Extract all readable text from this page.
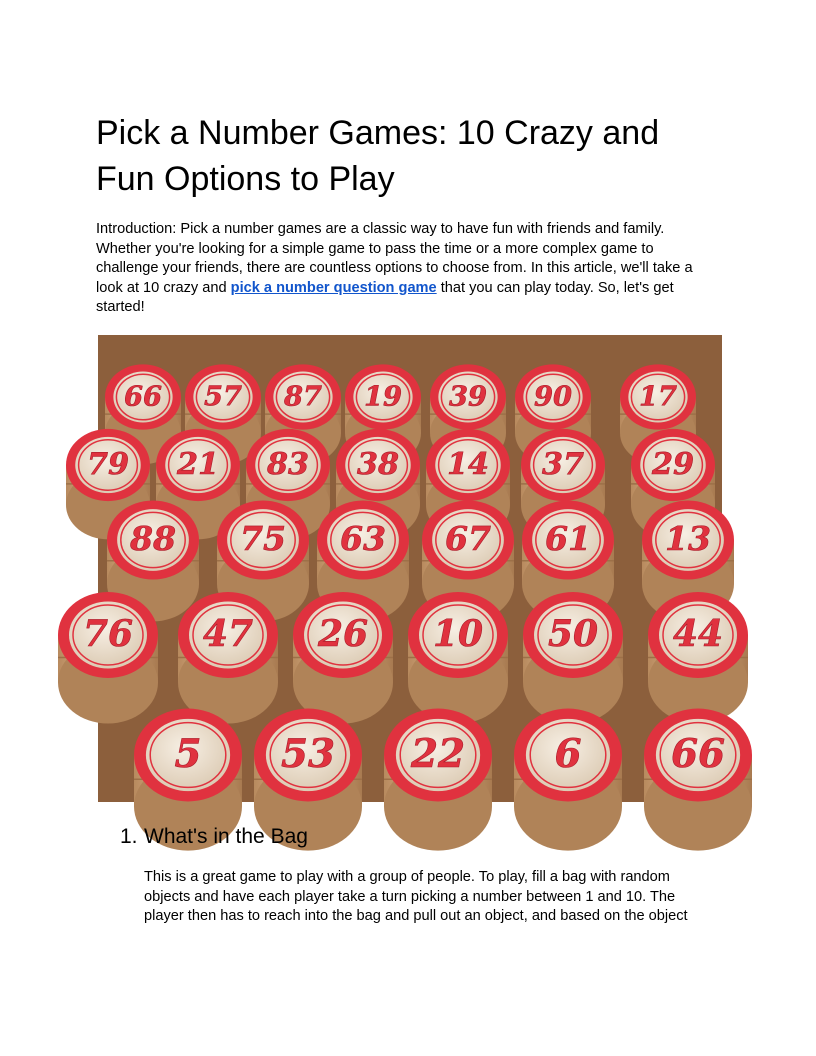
Pick a Number Games: 10 Crazy and Fun Options to Play

Introduction: Pick a number games are a classic way to have fun with friends and family. Whether you're looking for a simple game to pass the time or a more complex game to challenge your friends, there are countless options to choose from. In this article, we'll take a look at 10 crazy and pick a number question game that you can play today. So, let's get started!

66 57 87 19 39 90 17
79 21 83 38 14 37 29
88 75 63 67 61 13
76 47 26 10 50 44
5 53 22 6 66
1. What's in the Bag

This is a great game to play with a group of people. To play, fill a bag with random objects and have each player take a turn picking a number between 1 and 10. The player then has to reach into the bag and pull out an object, and based on the object
